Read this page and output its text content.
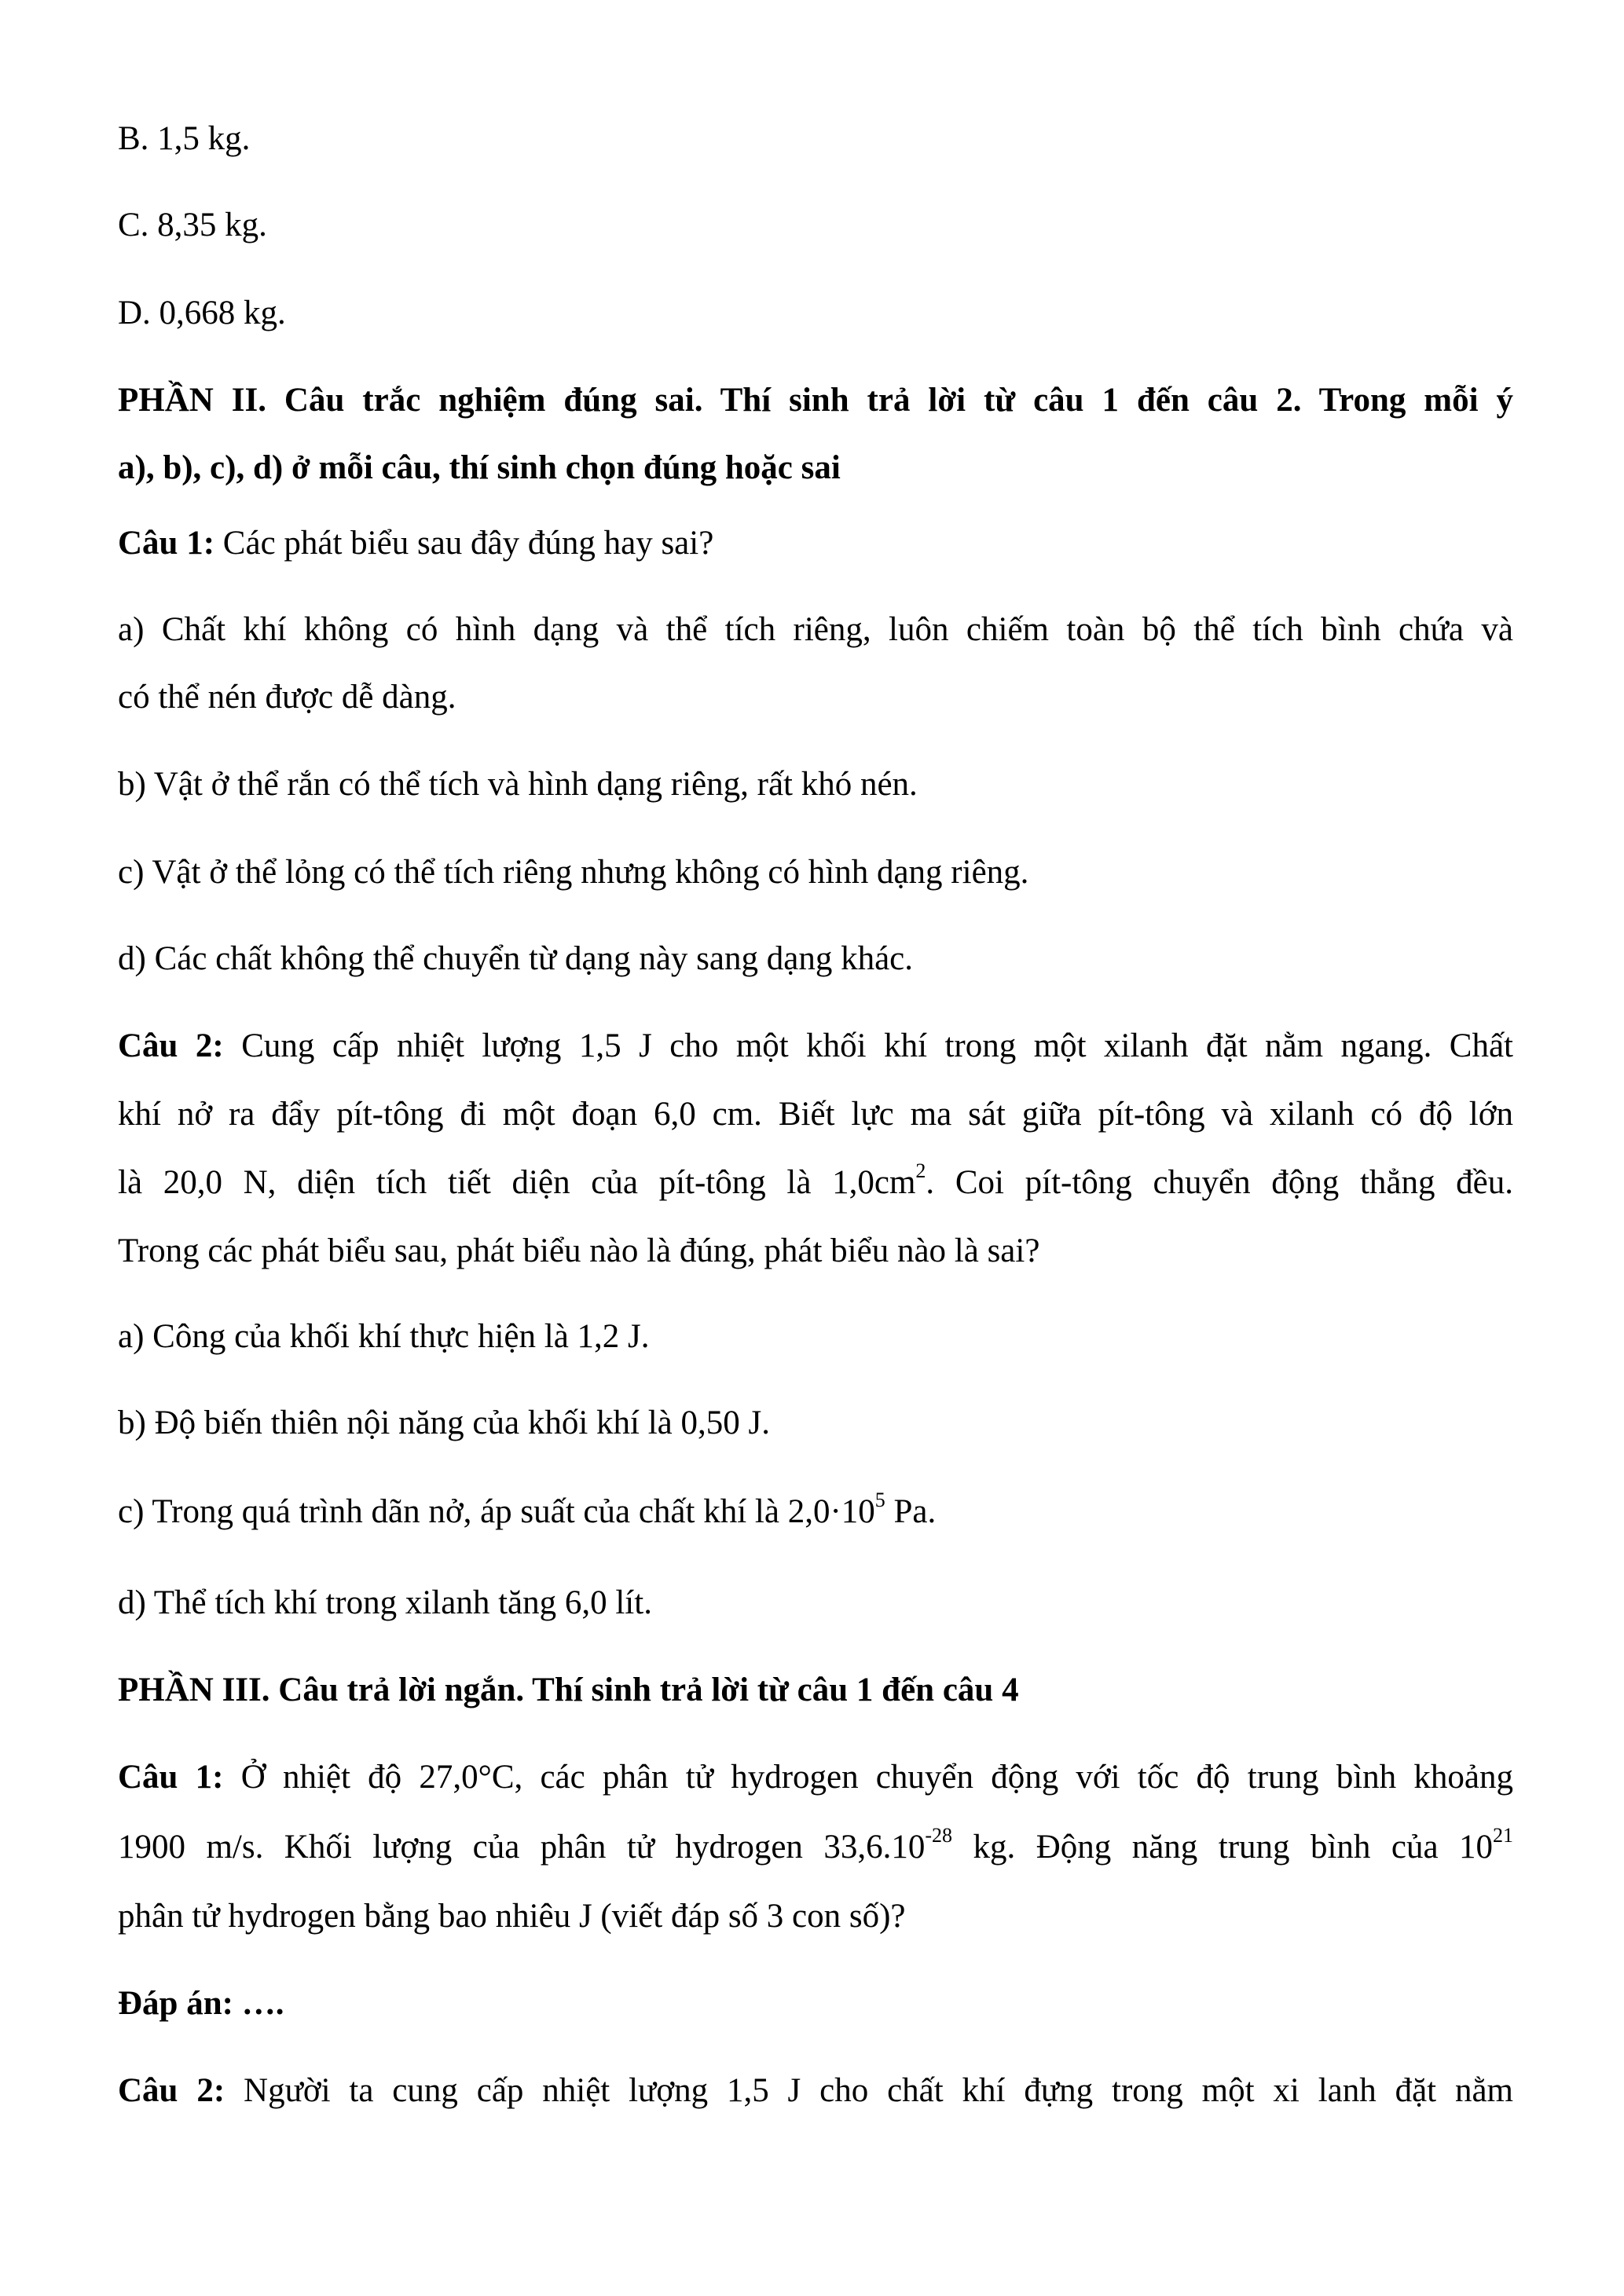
B. 1,5 kg.
C. 8,35 kg.
D. 0,668 kg.
PHẦN II. Câu trắc nghiệm đúng sai. Thí sinh trả lời từ câu 1 đến câu 2. Trong mỗi ý
a), b), c), d) ở mỗi câu, thí sinh chọn đúng hoặc sai
Câu 1: Các phát biểu sau đây đúng hay sai?
a) Chất khí không có hình dạng và thể tích riêng, luôn chiếm toàn bộ thể tích bình chứa và
có thể nén được dễ dàng.
b) Vật ở thể rắn có thể tích và hình dạng riêng, rất khó nén.
c) Vật ở thể lỏng có thể tích riêng nhưng không có hình dạng riêng.
d) Các chất không thể chuyển từ dạng này sang dạng khác.
Câu 2: Cung cấp nhiệt lượng 1,5 J cho một khối khí trong một xilanh đặt nằm ngang. Chất
khí nở ra đẩy pít-tông đi một đoạn 6,0 cm. Biết lực ma sát giữa pít-tông và xilanh có độ lớn
là 20,0 N, diện tích tiết diện của pít-tông là $1,0cm^2$. Coi pít-tông chuyển động thẳng đều.
Trong các phát biểu sau, phát biểu nào là đúng, phát biểu nào là sai?
a) Công của khối khí thực hiện là 1,2 J.
b) Độ biến thiên nội năng của khối khí là 0,50 J.
c) Trong quá trình dãn nở, áp suất của chất khí là $2,0\cdot 10^5$ Pa.
d) Thể tích khí trong xilanh tăng 6,0 lít.
PHẦN III. Câu trả lời ngắn. Thí sinh trả lời từ câu 1 đến câu 4
Câu 1: Ở nhiệt độ 27,0°C, các phân tử hydrogen chuyển động với tốc độ trung bình khoảng
1900 m/s. Khối lượng của phân tử hydrogen $33,6.10^{-28}$ kg. Động năng trung bình của $10^{21}$
phân tử hydrogen bằng bao nhiêu J (viết đáp số 3 con số)?
Đáp án: ….
Câu 2: Người ta cung cấp nhiệt lượng 1,5 J cho chất khí đựng trong một xi lanh đặt nằm
